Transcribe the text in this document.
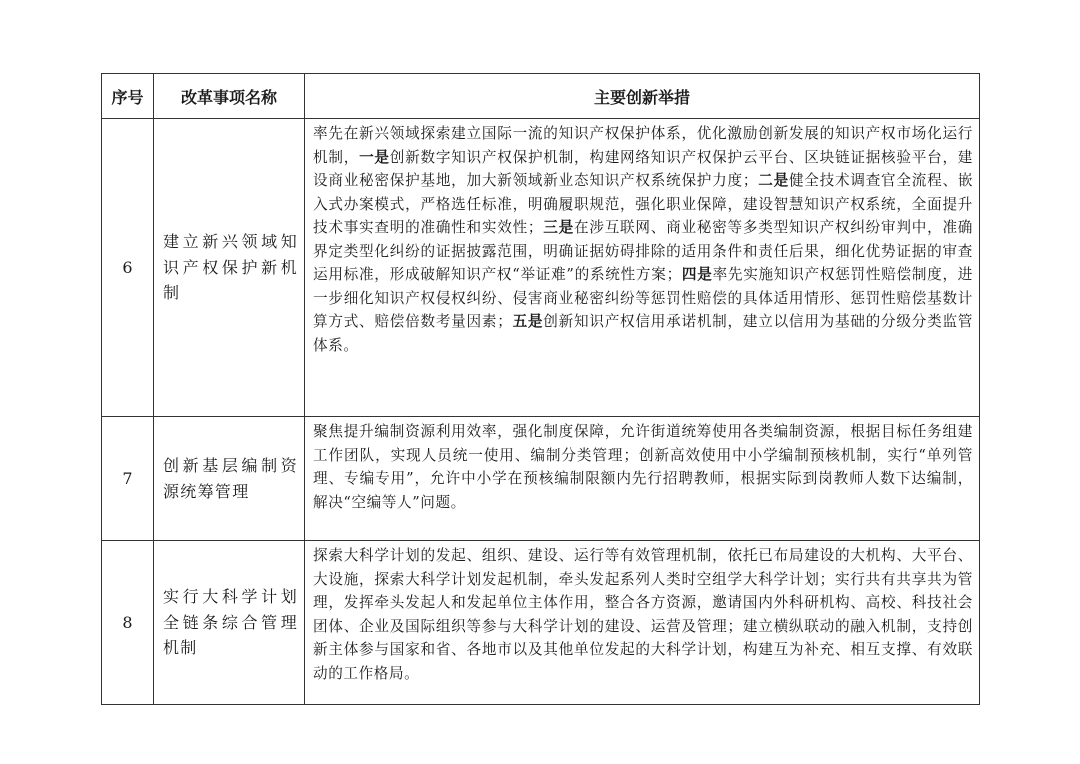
序号	改革事项名称	主要创新举措
6	建立新兴领域知识产权保护新机制	率先在新兴领域探索建立国际一流的知识产权保护体系，优化激励创新发展的知识产权市场化运行机制，一是创新数字知识产权保护机制，构建网络知识产权保护云平台、区块链证据核验平台，建设商业秘密保护基地，加大新领域新业态知识产权系统保护力度；二是健全技术调查官全流程、嵌入式办案模式，严格选任标准，明确履职规范，强化职业保障，建设智慧知识产权系统，全面提升技术事实查明的准确性和实效性；三是在涉互联网、商业秘密等多类型知识产权纠纷审判中，准确界定类型化纠纷的证据披露范围，明确证据妨碍排除的适用条件和责任后果，细化优势证据的审查运用标准，形成破解知识产权“举证难”的系统性方案；四是率先实施知识产权惩罚性赔偿制度，进一步细化知识产权侵权纠纷、侵害商业秘密纠纷等惩罚性赔偿的具体适用情形、惩罚性赔偿基数计算方式、赔偿倍数考量因素；五是创新知识产权信用承诺机制，建立以信用为基础的分级分类监管体系。
7	创新基层编制资源统筹管理	聚焦提升编制资源利用效率，强化制度保障，允许街道统筹使用各类编制资源，根据目标任务组建工作团队，实现人员统一使用、编制分类管理；创新高效使用中小学编制预核机制，实行“单列管理、专编专用”，允许中小学在预核编制限额内先行招聘教师，根据实际到岗教师人数下达编制，解决“空编等人”问题。
8	实行大科学计划全链条综合管理机制	探索大科学计划的发起、组织、建设、运行等有效管理机制，依托已布局建设的大机构、大平台、大设施，探索大科学计划发起机制，牵头发起系列人类时空组学大科学计划；实行共有共享共为管理，发挥牵头发起人和发起单位主体作用，整合各方资源，邀请国内外科研机构、高校、科技社会团体、企业及国际组织等参与大科学计划的建设、运营及管理；建立横纵联动的融入机制，支持创新主体参与国家和省、各地市以及其他单位发起的大科学计划，构建互为补充、相互支撑、有效联动的工作格局。
